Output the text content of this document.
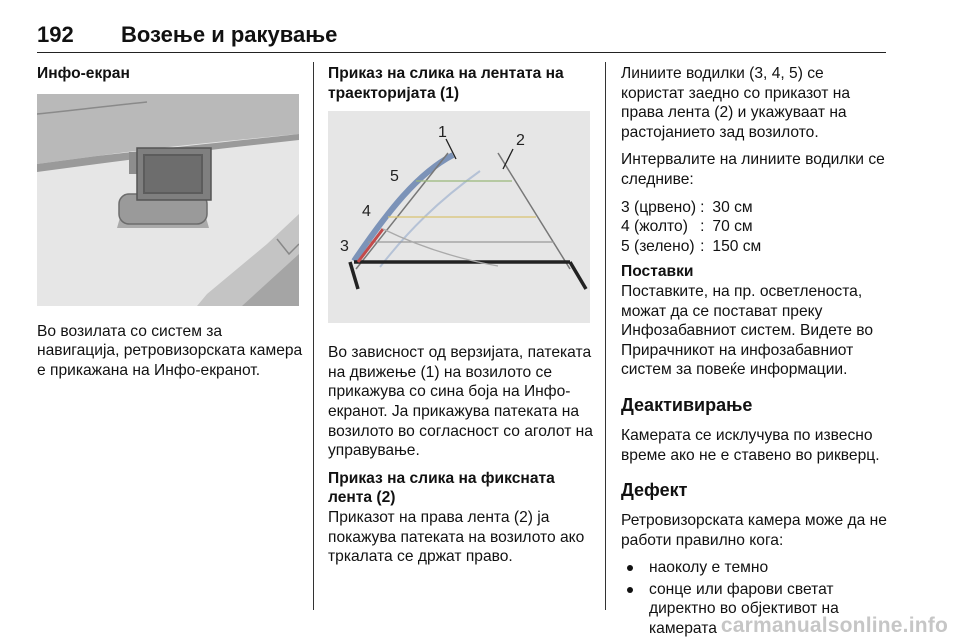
192 Возење и ракување
Инфо-екран

Во возилата со систем за навигација, ретровизорската камера е прикажана на Инфо-екранот.

Приказ на слика на лентата на траекторијата (1)
1	2
3
4
5

Во зависност од верзијата, патеката на движење (1) на возилото се прикажува со сина боја на Инфо-екранот. Ја прикажува патеката на возилото во согласност со аголот на управување.

Приказ на слика на фиксната лента (2)

Приказот на права лента (2) ја покажува патеката на возилото ако тркалата се држат право.

Линиите водилки (3, 4, 5) се користат заедно со приказот на права лента (2) и укажуваат на растојанието зад возилото.

Интервалите на линиите водилки се следниве:

3 (црвено)	:	30 см
4 (жолто)	:	70 см
5 (зелено)	:	150 см
Поставки

Поставките, на пр. осветленоста, можат да се постават преку Инфозабавниот систем. Видете во Прирачникот на инфозабавниот систем за повеќе информации.

Деактивирање

Камерата се исклучува по извесно време ако не е ставено во рикверц.

Дефект

Ретровизорската камера може да не работи правилно кога:

наоколу е темно
сонце или фарови светат директно во објективот на камерата carmanualsonline.info
